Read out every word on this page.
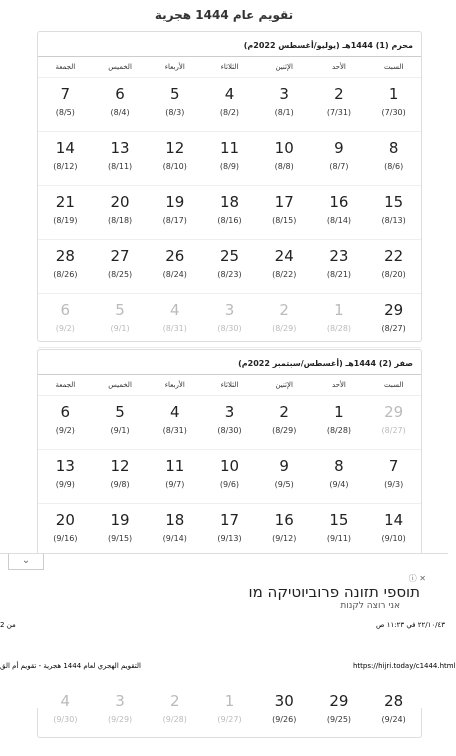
تقويم عام 1444 هجرية
محرم (1) 1444هـ (يوليو/أغسطس 2022م)
السبت
الأحد
الإثنين
الثلاثاء
الأربعاء
الخميس
الجمعة
1
(7/30)
2
(7/31)
3
(8/1)
4
(8/2)
5
(8/3)
6
(8/4)
7
(8/5)
8
(8/6)
9
(8/7)
10
(8/8)
11
(8/9)
12
(8/10)
13
(8/11)
14
(8/12)
15
(8/13)
16
(8/14)
17
(8/15)
18
(8/16)
19
(8/17)
20
(8/18)
21
(8/19)
22
(8/20)
23
(8/21)
24
(8/22)
25
(8/23)
26
(8/24)
27
(8/25)
28
(8/26)
29
(8/27)
1
(8/28)
2
(8/29)
3
(8/30)
4
(8/31)
5
(9/1)
6
(9/2)
صفر (2) 1444هـ (أغسطس/سبتمبر 2022م)
السبت
الأحد
الإثنين
الثلاثاء
الأربعاء
الخميس
الجمعة
29
(8/27)
1
(8/28)
2
(8/29)
3
(8/30)
4
(8/31)
5
(9/1)
6
(9/2)
7
(9/3)
8
(9/4)
9
(9/5)
10
(9/6)
11
(9/7)
12
(9/8)
13
(9/9)
14
(9/10)
15
(9/11)
16
(9/12)
17
(9/13)
18
(9/14)
19
(9/15)
20
(9/16)
⌄
ⓘ ✕
תוספי תזונה פרוביוטיקה מו
אני רוצה לקנות
من 2	٢٢/١٠/٤٣ في ١١:٢٣ ص
التقويم الهجري لعام 1444 هجرية - تقويم أم الق	https://hijri.today/c1444.html
28
(9/24)
29
(9/25)
30
(9/26)
1
(9/27)
2
(9/28)
3
(9/29)
4
(9/30)
